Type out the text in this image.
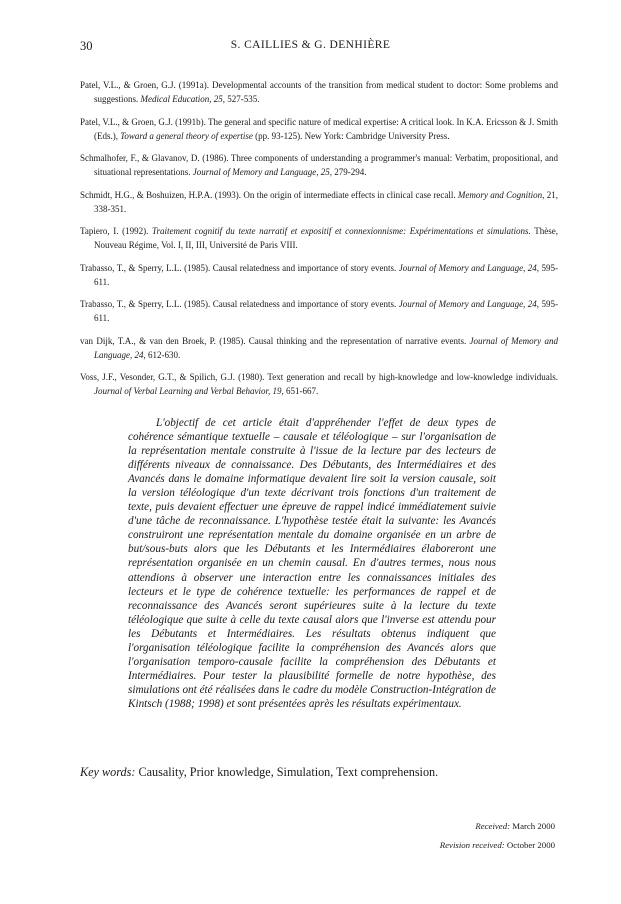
30	S. CAILLIES & G. DENHIÈRE

Patel, V.L., & Groen, G.J. (1991a). Developmental accounts of the transition from medical student to doctor: Some problems and suggestions. Medical Education, 25, 527-535.

Patel, V.L., & Groen, G.J. (1991b). The general and specific nature of medical expertise: A critical look. In K.A. Ericsson & J. Smith (Eds.), Toward a general theory of expertise (pp. 93-125). New York: Cambridge University Press.

Schmalhofer, F., & Glavanov, D. (1986). Three components of understanding a programmer's manual: Verbatim, propositional, and situational representations. Journal of Memory and Language, 25, 279-294.

Schmidt, H.G., & Boshuizen, H.P.A. (1993). On the origin of intermediate effects in clinical case recall. Memory and Cognition, 21, 338-351.

Tapiero, I. (1992). Traitement cognitif du texte narratif et expositif et connexionnisme: Expérimentations et simulations. Thèse, Nouveau Régime, Vol. I, II, III, Université de Paris VIII.

Trabasso, T., & Sperry, L.L. (1985). Causal relatedness and importance of story events. Journal of Memory and Language, 24, 595-611.

Trabasso, T., & Sperry, L.L. (1985). Causal relatedness and importance of story events. Journal of Memory and Language, 24, 595-611.

van Dijk, T.A., & van den Broek, P. (1985). Causal thinking and the representation of narrative events. Journal of Memory and Language, 24, 612-630.

Voss, J.F., Vesonder, G.T., & Spilich, G.J. (1980). Text generation and recall by high-knowledge and low-knowledge individuals. Journal of Verbal Learning and Verbal Behavior, 19, 651-667.

L'objectif de cet article était d'appréhender l'effet de deux types de cohérence sémantique textuelle – causale et téléologique – sur l'organisation de la représentation mentale construite à l'issue de la lecture par des lecteurs de différents niveaux de connaissance. Des Débutants, des Intermédiaires et des Avancés dans le domaine informatique devaient lire soit la version causale, soit la version téléologique d'un texte décrivant trois fonctions d'un traitement de texte, puis devaient effectuer une épreuve de rappel indicé immédiatement suivie d'une tâche de reconnaissance. L'hypothèse testée était la suivante: les Avancés construiront une représentation mentale du domaine organisée en un arbre de but/sous-buts alors que les Débutants et les Intermédiaires élaboreront une représentation organisée en un chemin causal. En d'autres termes, nous nous attendions à observer une interaction entre les connaissances initiales des lecteurs et le type de cohérence textuelle: les performances de rappel et de reconnaissance des Avancés seront supérieures suite à la lecture du texte téléologique que suite à celle du texte causal alors que l'inverse est attendu pour les Débutants et Intermédiaires. Les résultats obtenus indiquent que l'organisation téléologique facilite la compréhension des Avancés alors que l'organisation temporo-causale facilite la compréhension des Débutants et Intermédiaires. Pour tester la plausibilité formelle de notre hypothèse, des simulations ont été réalisées dans le cadre du modèle Construction-Intégration de Kintsch (1988; 1998) et sont présentées après les résultats expérimentaux.

Key words: Causality, Prior knowledge, Simulation, Text comprehension.
Received: March 2000
Revision received: October 2000
